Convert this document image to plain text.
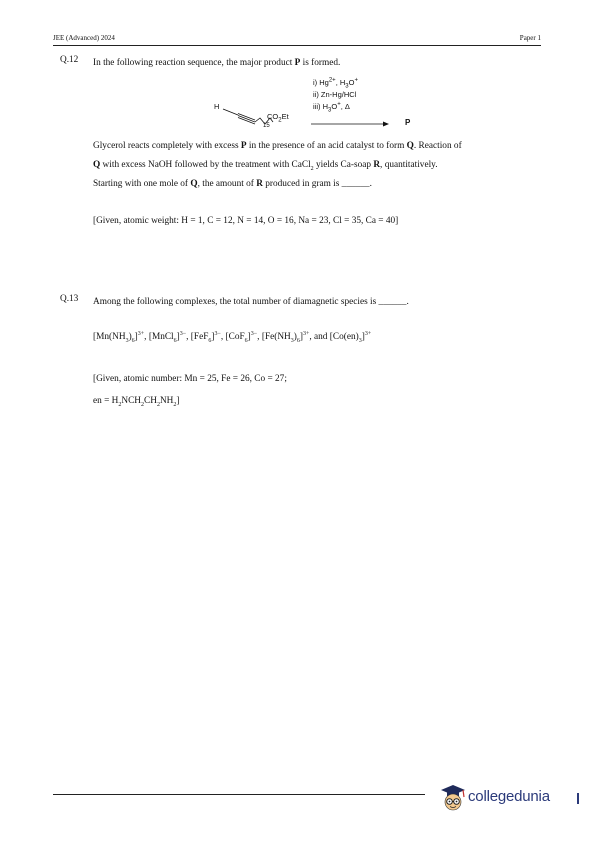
JEE (Advanced) 2024	Paper 1
Q.12 In the following reaction sequence, the major product P is formed.
H
$CO_2Et$
15
i) $Hg^{2+}$, $H_3O^+$
ii) Zn-Hg/HCl
iii) $H_3O^+$, Δ
P
Glycerol reacts completely with excess P in the presence of an acid catalyst to form Q. Reaction of
Q with excess NaOH followed by the treatment with CaCl$_2$ yields Ca-soap R, quantitatively.
Starting with one mole of Q, the amount of R produced in gram is ______.
[Given, atomic weight: H = 1, C = 12, N = 14, O = 16, Na = 23, Cl = 35, Ca = 40]
Q.13 Among the following complexes, the total number of diamagnetic species is ______.
$[Mn(NH_3)_6]^{3+}$, [MnCl$_6$]$^{3-}$, $[FeF_6]^{3-}$, $[CoF_6]^{3-}$, $[Fe(NH_3)_6]^{3+}$, and $[Co(en)_3]^{3+}$
[Given, atomic number: Mn = 25, Fe = 26, Co = 27;
en = $H_2NCH_2CH_2NH_2$]
collegedunia
